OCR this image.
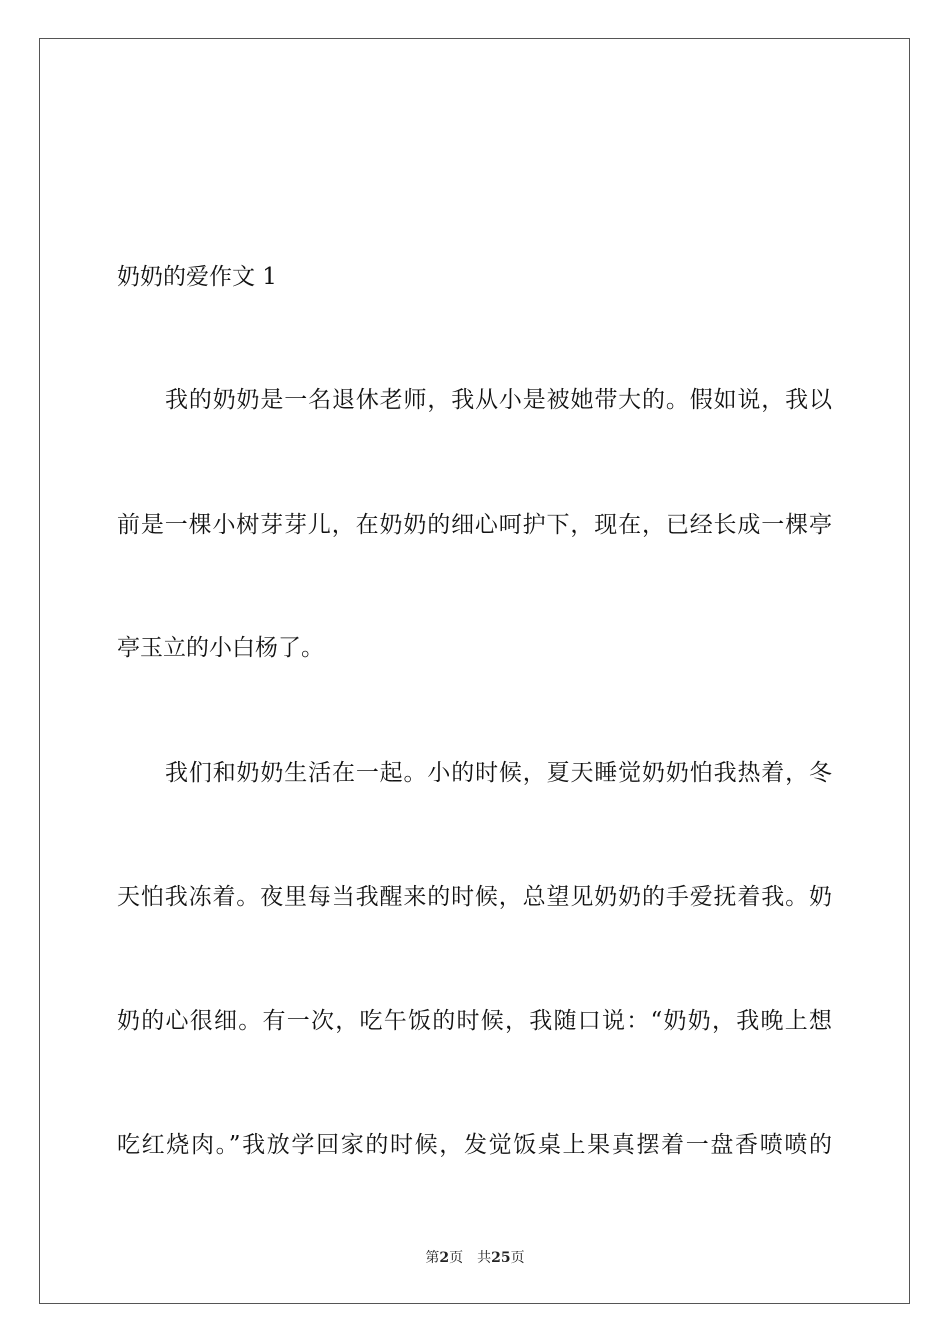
奶奶的爱作文 1

我的奶奶是一名退休老师，我从小是被她带大的。假如说，我以

前是一棵小树芽芽儿，在奶奶的细心呵护下，现在，已经长成一棵亭

亭玉立的小白杨了。

我们和奶奶生活在一起。小的时候，夏天睡觉奶奶怕我热着，冬

天怕我冻着。夜里每当我醒来的时候，总望见奶奶的手爱抚着我。奶

奶的心很细。有一次，吃午饭的时候，我随口说：“奶奶，我晚上想

吃红烧肉。”我放学回家的时候，发觉饭桌上果真摆着一盘香喷喷的

第2页 共25页
